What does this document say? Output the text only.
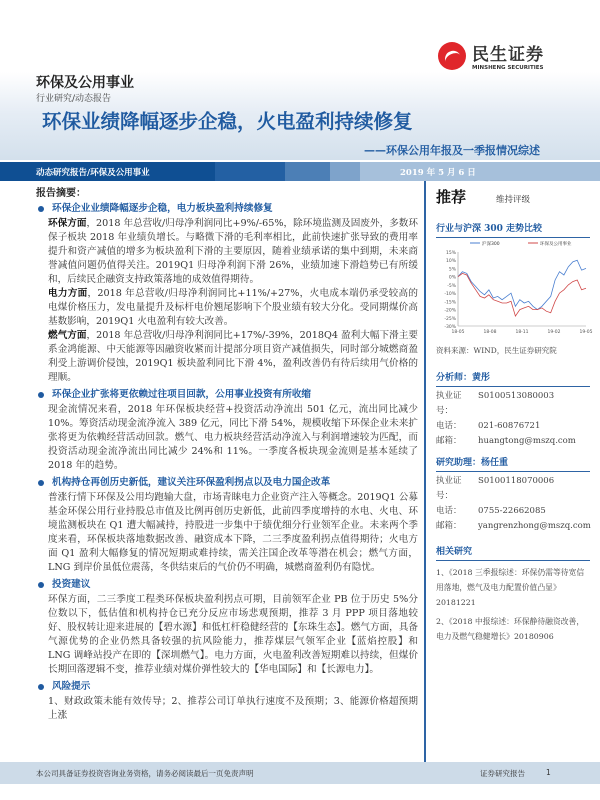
民生证券
MINSHENG SECURITIES
环保及公用事业
行业研究/动态报告
环保业绩降幅逐步企稳，火电盈利持续修复
——环保公用年报及一季报情况综述
动态研究报告/环保及公用事业	2019 年 5 月 6 日
报告摘要：
环保企业业绩降幅逐步企稳，电力板块盈利持续修复
环保方面，2018 年总营收/归母净利润同比+9%/-65%，除环境监测及固废外，多数环保子板块 2018 年业绩负增长。与略微下滑的毛利率相比，此前快速扩张导致的费用率提升和资产减值的增多为板块盈利下滑的主要原因，随着业绩承诺的集中到期，未来商誉减值问题仍值得关注。2019Q1 归母净利润下滑 26%，业绩加速下滑趋势已有所缓和，后续民企融资支持政策落地的成效值得期待。
电力方面，2018 年总营收/归母净利润同比+11%/+27%，火电成本端仍承受较高的电煤价格压力，发电量提升及标杆电价翘尾影响下个股业绩有较大分化。受同期煤价高基数影响，2019Q1 火电盈利有较大改善。
燃气方面，2018 年总营收/归母净利润同比+17%/-39%，2018Q4 盈利大幅下滑主要系金鸿能源、中天能源等因融资收紧而计提部分项目资产减值损失，同时部分城燃商盈利受上游调价侵蚀，2019Q1 板块盈利同比下滑 4%，盈利改善仍有待后续用气价格的理顺。
环保企业扩张将更依赖过往项目回款，公用事业投资有所收缩
现金流情况来看，2018 年环保板块经营+投资活动净流出 501 亿元，流出同比减少 10%。筹资活动现金流净流入 389 亿元，同比下滑 54%，规模收缩下环保企业未来扩张将更为依赖经营活动回款。燃气、电力板块经营活动净流入与利润增速较为匹配，而投资活动现金流净流出同比减少 24%和 11%。一季度各板块现金流则是基本延续了 2018 年的趋势。
机构持仓再创历史新低，建议关注环保盈利拐点以及电力国企改革
普涨行情下环保及公用均跑输大盘，市场青睐电力企业资产注入等概念。2019Q1 公募基金环保公用行业持股总市值及比例再创历史新低，此前四季度增持的水电、火电、环境监测板块在 Q1 遭大幅减持，持股进一步集中于绩优细分行业领军企业。未来两个季度来看，环保板块落地数据改善、融资成本下降，二三季度盈利拐点值得期待；火电方面 Q1 盈利大幅修复的情况短期或难持续，需关注国企改革等潜在机会；燃气方面，LNG 到岸价虽低位震荡，冬供结束后的气价仍不明确，城燃商盈利仍有隐忧。
投资建议
环保方面，二三季度工程类环保板块盈利拐点可期，目前领军企业 PB 位于历史 5%分位数以下，低估值和机构持仓已充分反应市场悲观预期，推荐 3 月 PPP 项目落地较好、股权转让迎来进展的【碧水源】和低杠杆稳健经营的【东珠生态】。燃气方面，具备气源优势的企业仍然具备较强的抗风险能力，推荐煤层气领军企业【蓝焰控股】和 LNG 调峰站投产在即的【深圳燃气】。电力方面，火电盈利改善短期难以持续，但煤价长期回落逻辑不变，推荐业绩对煤价弹性较大的【华电国际】和【长源电力】。
风险提示
1、财政政策未能有效传导；2、推荐公司订单执行速度不及预期；3、能源价格超预期上涨
推荐	维持评级
行业与沪深 300 走势比较
15%
10%
5%
0%
-5%
-10%
-15%
-20%
-25%
-30%
18-05	18-08	18-11	19-02	19-05
沪深300	环保及公用事业
资料来源：WIND，民生证券研究院
分析师：黄彤
执业证号：
S0100513080003
电话：	021-60876721
邮箱：	huangtong@mszq.com
研究助理：杨任重
执业证号：
S0100118070006
电话：	0755-22662085
邮箱：	yangrenzhong@mszq.com
相关研究
1、《2018 三季报综述：环保仍需等待宽信用落地，燃气及电力配置价值凸显》20181221
2、《2018 中报综述：环保静待融资改善，电力及燃气稳健增长》20180906
本公司具备证券投资咨询业务资格，请务必阅读最后一页免责声明	证券研究报告	1
